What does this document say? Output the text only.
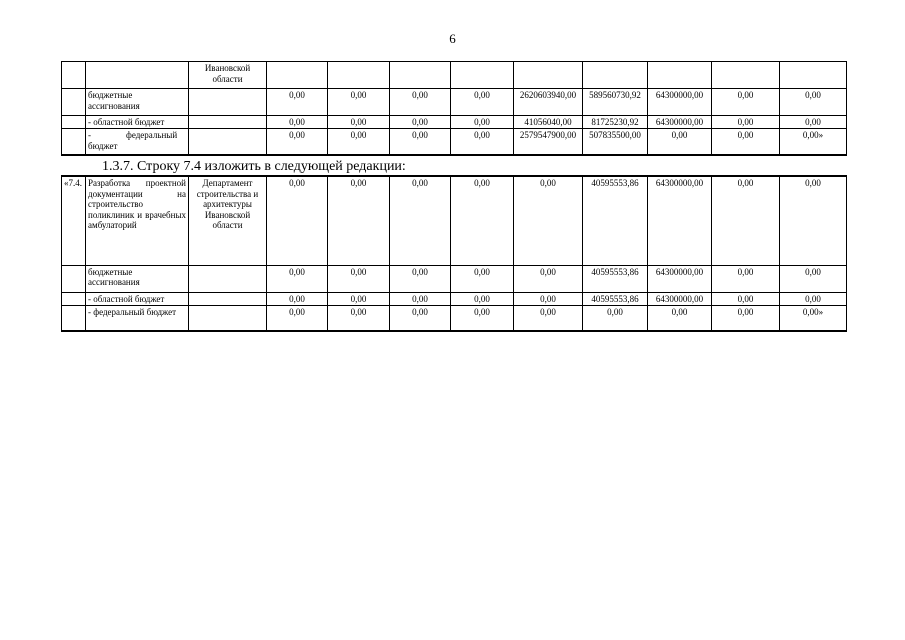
6
		Ивановской области									
	бюджетные ассигнования		0,00	0,00	0,00	0,00	2620603940,00	589560730,92	64300000,00	0,00	0,00
	- областной бюджет		0,00	0,00	0,00	0,00	41056040,00	81725230,92	64300000,00	0,00	0,00
	- федеральный
бюджет		0,00	0,00	0,00	0,00	2579547900,00	507835500,00	0,00	0,00	0,00»
1.3.7. Строку 7.4 изложить в следующей редакции:
«7.4.	Разработка проектной документации на строительство поликлиник и врачебных амбулаторий	Департамент строительства и архитектуры Ивановской области	0,00	0,00	0,00	0,00	0,00	40595553,86	64300000,00	0,00	0,00
	бюджетные ассигнования		0,00	0,00	0,00	0,00	0,00	40595553,86	64300000,00	0,00	0,00
	- областной бюджет		0,00	0,00	0,00	0,00	0,00	40595553,86	64300000,00	0,00	0,00
	- федеральный бюджет		0,00	0,00	0,00	0,00	0,00	0,00	0,00	0,00	0,00»
